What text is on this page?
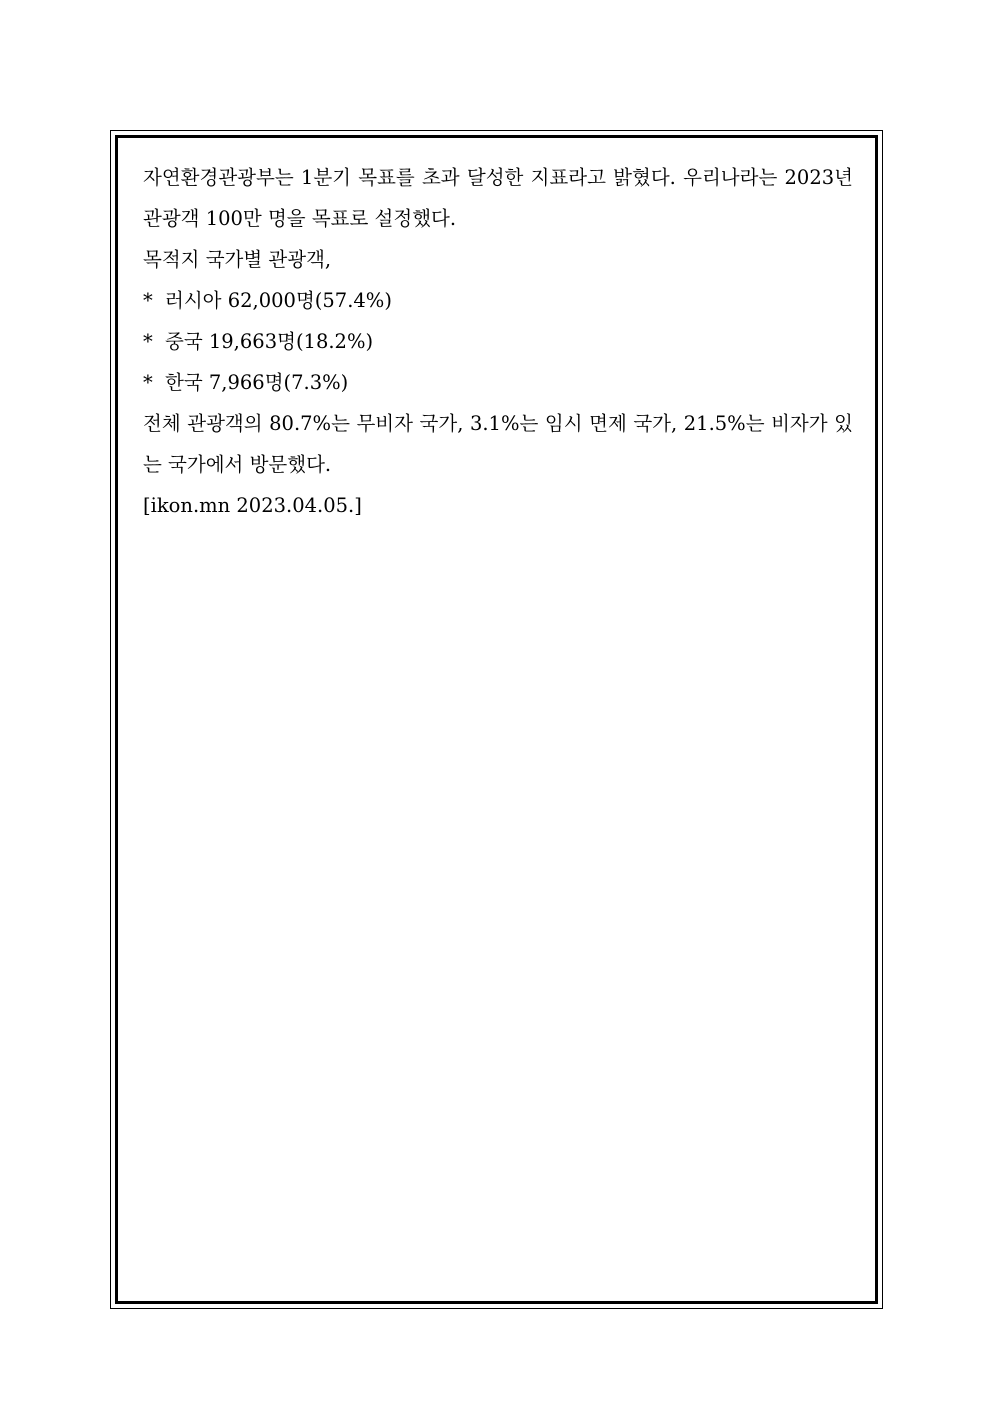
자연환경관광부는 1분기 목표를 초과 달성한 지표라고 밝혔다. 우리나라는 2023년 관광객 100만 명을 목표로 설정했다.

목적지 국가별 관광객,

* 러시아 62,000명(57.4%)

* 중국 19,663명(18.2%)

* 한국 7,966명(7.3%)

전체 관광객의 80.7%는 무비자 국가, 3.1%는 임시 면제 국가, 21.5%는 비자가 있는 국가에서 방문했다.

[ikon.mn 2023.04.05.]
